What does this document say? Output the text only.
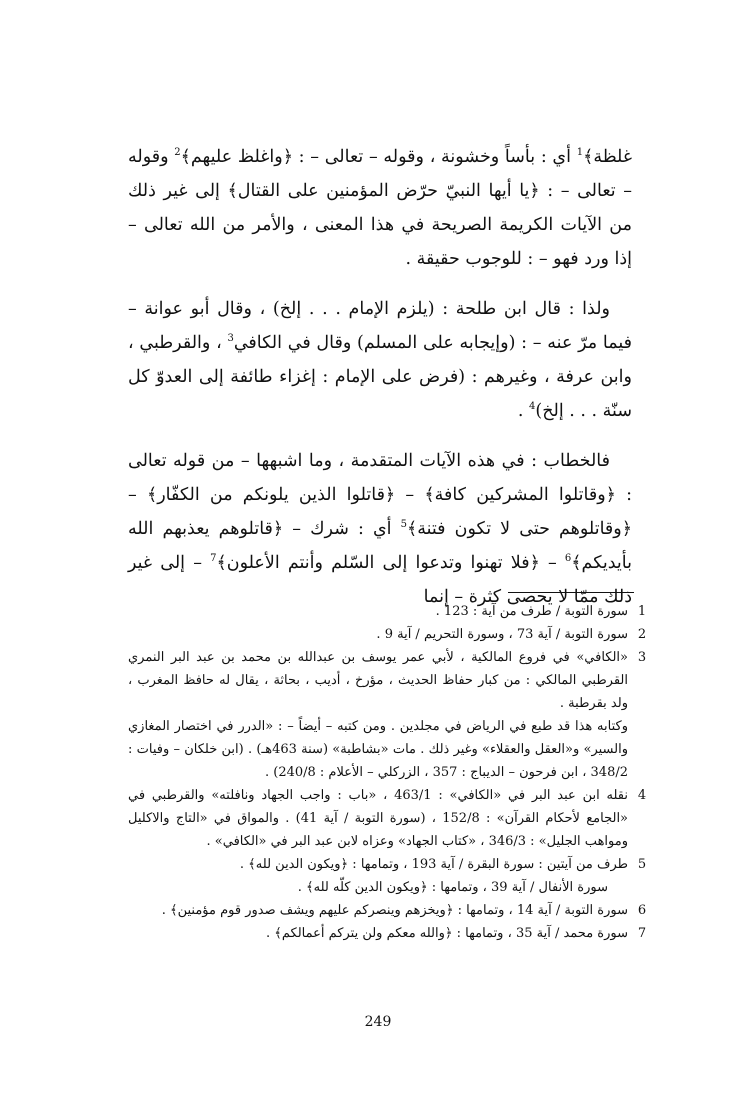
غلظة﴾$^1$ أي : بأساً وخشونة ، وقوله – تعالى – : ﴿واغلظ عليهم﴾$^2$ وقوله – تعالى – : ﴿يا أيها النبيّ حرّض المؤمنين على القتال﴾ إلى غير ذلك من الآيات الكريمة الصريحة في هذا المعنى ، والأمر من الله تعالى – إذا ورد فهو – : للوجوب حقيقة .

ولذا : قال ابن طلحة : (يلزم الإمام . . . إلخ) ، وقال أبو عوانة – فيما مرّ عنه – : (وإيجابه على المسلم) وقال في الكافي$^3$ ، والقرطبي ، وابن عرفة ، وغيرهم : (فرض على الإمام : إغزاء طائفة إلى العدوّ كل سنّة . . . إلخ)$^4$ .

فالخطاب : في هذه الآيات المتقدمة ، وما اشبهها – من قوله تعالى : ﴿وقاتلوا المشركين كافة﴾ – ﴿قاتلوا الذين يلونكم من الكفّار﴾ – ﴿وقاتلوهم حتى لا تكون فتنة﴾$^5$ أي : شرك – ﴿قاتلوهم يعذبهم الله بأيديكم﴾$^6$ – ﴿فلا تهنوا وتدعوا إلى السّلم وأنتم الأعلون﴾$^7$ – إلى غير ذلك ممّا لا يحصى كثرة – إنما

1
سورة التوبة / طرف من آية : 123 .
2
سورة التوبة / آية 73 ، وسورة التحريم / آية 9 .
3
«الكافي» في فروع المالكية ، لأبي عمر يوسف بن عبدالله بن محمد بن عبد البر النمري القرطبي المالكي : من كبار حفاظ الحديث ، مؤرخ ، أديب ، بحاثة ، يقال له حافظ المغرب ، ولد بقرطبة .
وكتابه هذا قد طبع في الرياض في مجلدين . ومن كتبه – أيضاً – : «الدرر في اختصار المغازي والسير» و«العقل والعقلاء» وغير ذلك . مات «بشاطبة» (سنة 463هـ) . (ابن خلكان – وفيات : 348/2 ، ابن فرحون – الديباج : 357 ، الزركلي – الأعلام : 240/8) .
4
نقله ابن عبد البر في «الكافي» : 463/1 ، «باب : واجب الجهاد ونافلته» والقرطبي في «الجامع لأحكام القرآن» : 152/8 ، (سورة التوبة / آية 41) . والمواق في «التاج والاكليل ومواهب الجليل» : 346/3 ، «كتاب الجهاد» وعزاه لابن عبد البر في «الكافي» .
5
طرف من آيتين : سورة البقرة / آية 193 ، وتمامها : ﴿ويكون الدين لله﴾ .
سورة الأنفال / آية 39 ، وتمامها : ﴿ويكون الدين كلّه لله﴾ .
6
سورة التوبة / آية 14 ، وتمامها : ﴿ويخزهم وينصركم عليهم ويشف صدور قوم مؤمنين﴾ .
7
سورة محمد / آية 35 ، وتمامها : ﴿والله معكم ولن يتركم أعمالكم﴾ .
249
